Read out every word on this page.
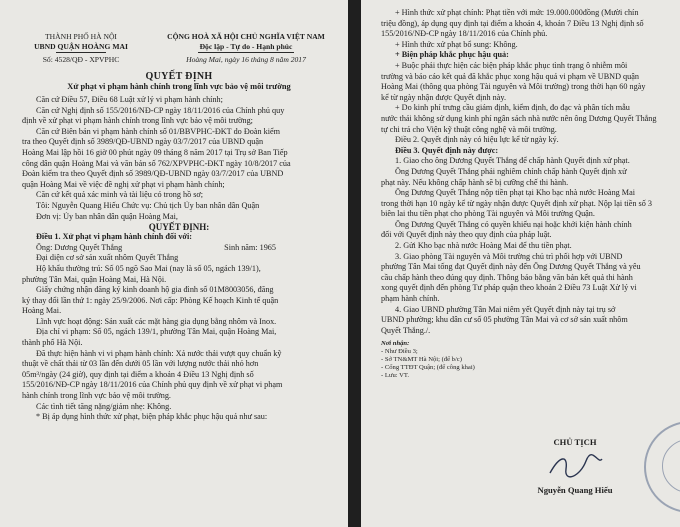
THÀNH PHỐ HÀ NỘI
UBND QUẬN HOÀNG MAI
Số: 4528/QĐ - XPVPHC
CỘNG HOÀ XÃ HỘI CHỦ NGHĨA VIỆT NAM
Độc lập - Tự do - Hạnh phúc
Hoàng Mai, ngày 16 tháng 8 năm 2017
QUYẾT ĐỊNH
Xử phạt vi phạm hành chính trong lĩnh vực bảo vệ môi trường
Căn cứ Điều 57, Điều 68 Luật xử lý vi phạm hành chính;
Căn cứ Nghị định số 155/2016/NĐ-CP ngày 18/11/2016 của Chính phủ quy
định về xử phạt vi phạm hành chính trong lĩnh vực bảo vệ môi trường;
Căn cứ Biên bản vi phạm hành chính số 01/BBVPHC-ĐKT do Đoàn kiểm
tra theo Quyết định số 3989/QĐ-UBND ngày 03/7/2017 của UBND quận
Hoàng Mai lập hồi 16 giờ 00 phút ngày 09 tháng 8 năm 2017 tại Trụ sở Ban Tiếp
công dân quận Hoàng Mai và văn bản số 762/XPVPHC-ĐKT ngày 10/8/2017 của
Đoàn kiểm tra theo Quyết định số 3989/QĐ-UBND ngày 03/7/2017 của UBND
quận Hoàng Mai về việc đề nghị xử phạt vi phạm hành chính;
Căn cứ kết quả xác minh và tài liệu có trong hồ sơ;
Tôi: Nguyễn Quang Hiếu Chức vụ: Chủ tịch Ủy ban nhân dân Quận
Đơn vị: Ủy ban nhân dân quận Hoàng Mai,
QUYẾT ĐỊNH:
Điều 1. Xử phạt vi phạm hành chính đối với:
Ông: Dương Quyết Thắng	Sinh năm: 1965
Đại diện cơ sở sản xuất nhôm Quyết Thắng
Hộ khẩu thường trú: Số 05 ngõ Sao Mai (nay là số 05, ngách 139/1),
phường Tân Mai, quận Hoàng Mai, Hà Nội.
Giấy chứng nhận đăng ký kinh doanh hộ gia đình số 01M8003056, đăng
ký thay đổi lần thứ 1: ngày 25/9/2006. Nơi cấp: Phòng Kế hoạch Kinh tế quận
Hoàng Mai.
Lĩnh vực hoạt động: Sản xuất các mặt hàng gia dụng bằng nhôm và Inox.
Địa chỉ vi phạm: Số 05, ngách 139/1, phường Tân Mai, quận Hoàng Mai,
thành phố Hà Nội.
Đã thực hiện hành vi vi phạm hành chính: Xả nước thải vượt quy chuẩn kỹ
thuật về chất thải từ 03 lần đến dưới 05 lần với lượng nước thải nhỏ hơn
05m³/ngày (24 giờ), quy định tại điểm a khoản 4 Điều 13 Nghị định số
155/2016/NĐ-CP ngày 18/11/2016 của Chính phủ quy định về xử phạt vi phạm
hành chính trong lĩnh vực bảo vệ môi trường.
Các tình tiết tăng nặng/giảm nhẹ: Không.
* Bị áp dụng hình thức xử phạt, biện pháp khắc phục hậu quả như sau:
+ Hình thức xử phạt chính: Phạt tiền với mức 19.000.000đồng (Mười chín
triệu đồng), áp dụng quy định tại điểm a khoản 4, khoản 7 Điều 13 Nghị định số
155/2016/NĐ-CP ngày 18/11/2016 của Chính phủ.
+ Hình thức xử phạt bổ sung: Không.
+ Biện pháp khắc phục hậu quả:
+ Buộc phải thực hiện các biện pháp khắc phục tình trạng ô nhiễm môi
trường và báo cáo kết quả đã khắc phục xong hậu quả vi phạm về UBND quận
Hoàng Mai (thông qua phòng Tài nguyên và Môi trường) trong thời hạn 60 ngày
kể từ ngày nhận được Quyết định này.
+ Do kinh phí trưng cầu giám định, kiểm định, đo đạc và phân tích mẫu
nước thải không sử dụng kinh phí ngân sách nhà nước nên ông Dương Quyết Thắng
tự chi trả cho Viện kỹ thuật công nghệ và môi trường.
Điều 2. Quyết định này có hiệu lực kể từ ngày ký.
Điều 3. Quyết định này được:
1. Giao cho ông Dương Quyết Thắng để chấp hành Quyết định xử phạt.
Ông Dương Quyết Thắng phải nghiêm chỉnh chấp hành Quyết định xử
phạt này. Nếu không chấp hành sẽ bị cưỡng chế thi hành.
Ông Dương Quyết Thắng nộp tiền phạt tại Kho bạc nhà nước Hoàng Mai
trong thời hạn 10 ngày kể từ ngày nhận được Quyết định xử phạt. Nộp lại tiền số 3
biên lai thu tiền phạt cho phòng Tài nguyên và Môi trường Quận.
Ông Dương Quyết Thắng có quyền khiếu nại hoặc khởi kiện hành chính
đối với Quyết định này theo quy định của pháp luật.
2. Gửi Kho bạc nhà nước Hoàng Mai để thu tiền phạt.
3. Giao phòng Tài nguyên và Môi trường chủ trì phối hợp với UBND
phường Tân Mai tống đạt Quyết định này đến Ông Dương Quyết Thắng và yêu
cầu chấp hành theo đúng quy định. Thông báo bằng văn bản kết quả thi hành
xong quyết định đến phòng Tư pháp quận theo khoản 2 Điều 73 Luật Xử lý vi
phạm hành chính.
4. Giao UBND phường Tân Mai niêm yết Quyết định này tại trụ sở
UBND phường; khu dân cư số 05 phường Tân Mai và cơ sở sản xuất nhôm
Quyết Thắng./.
Nơi nhận:
- Như Điều 3;
- Sở TN&MT Hà Nội; (để b/c)
- Cổng TTĐT Quận; (để công khai)
- Lưu: VT.
CHỦ TỊCH
Nguyễn Quang Hiếu
